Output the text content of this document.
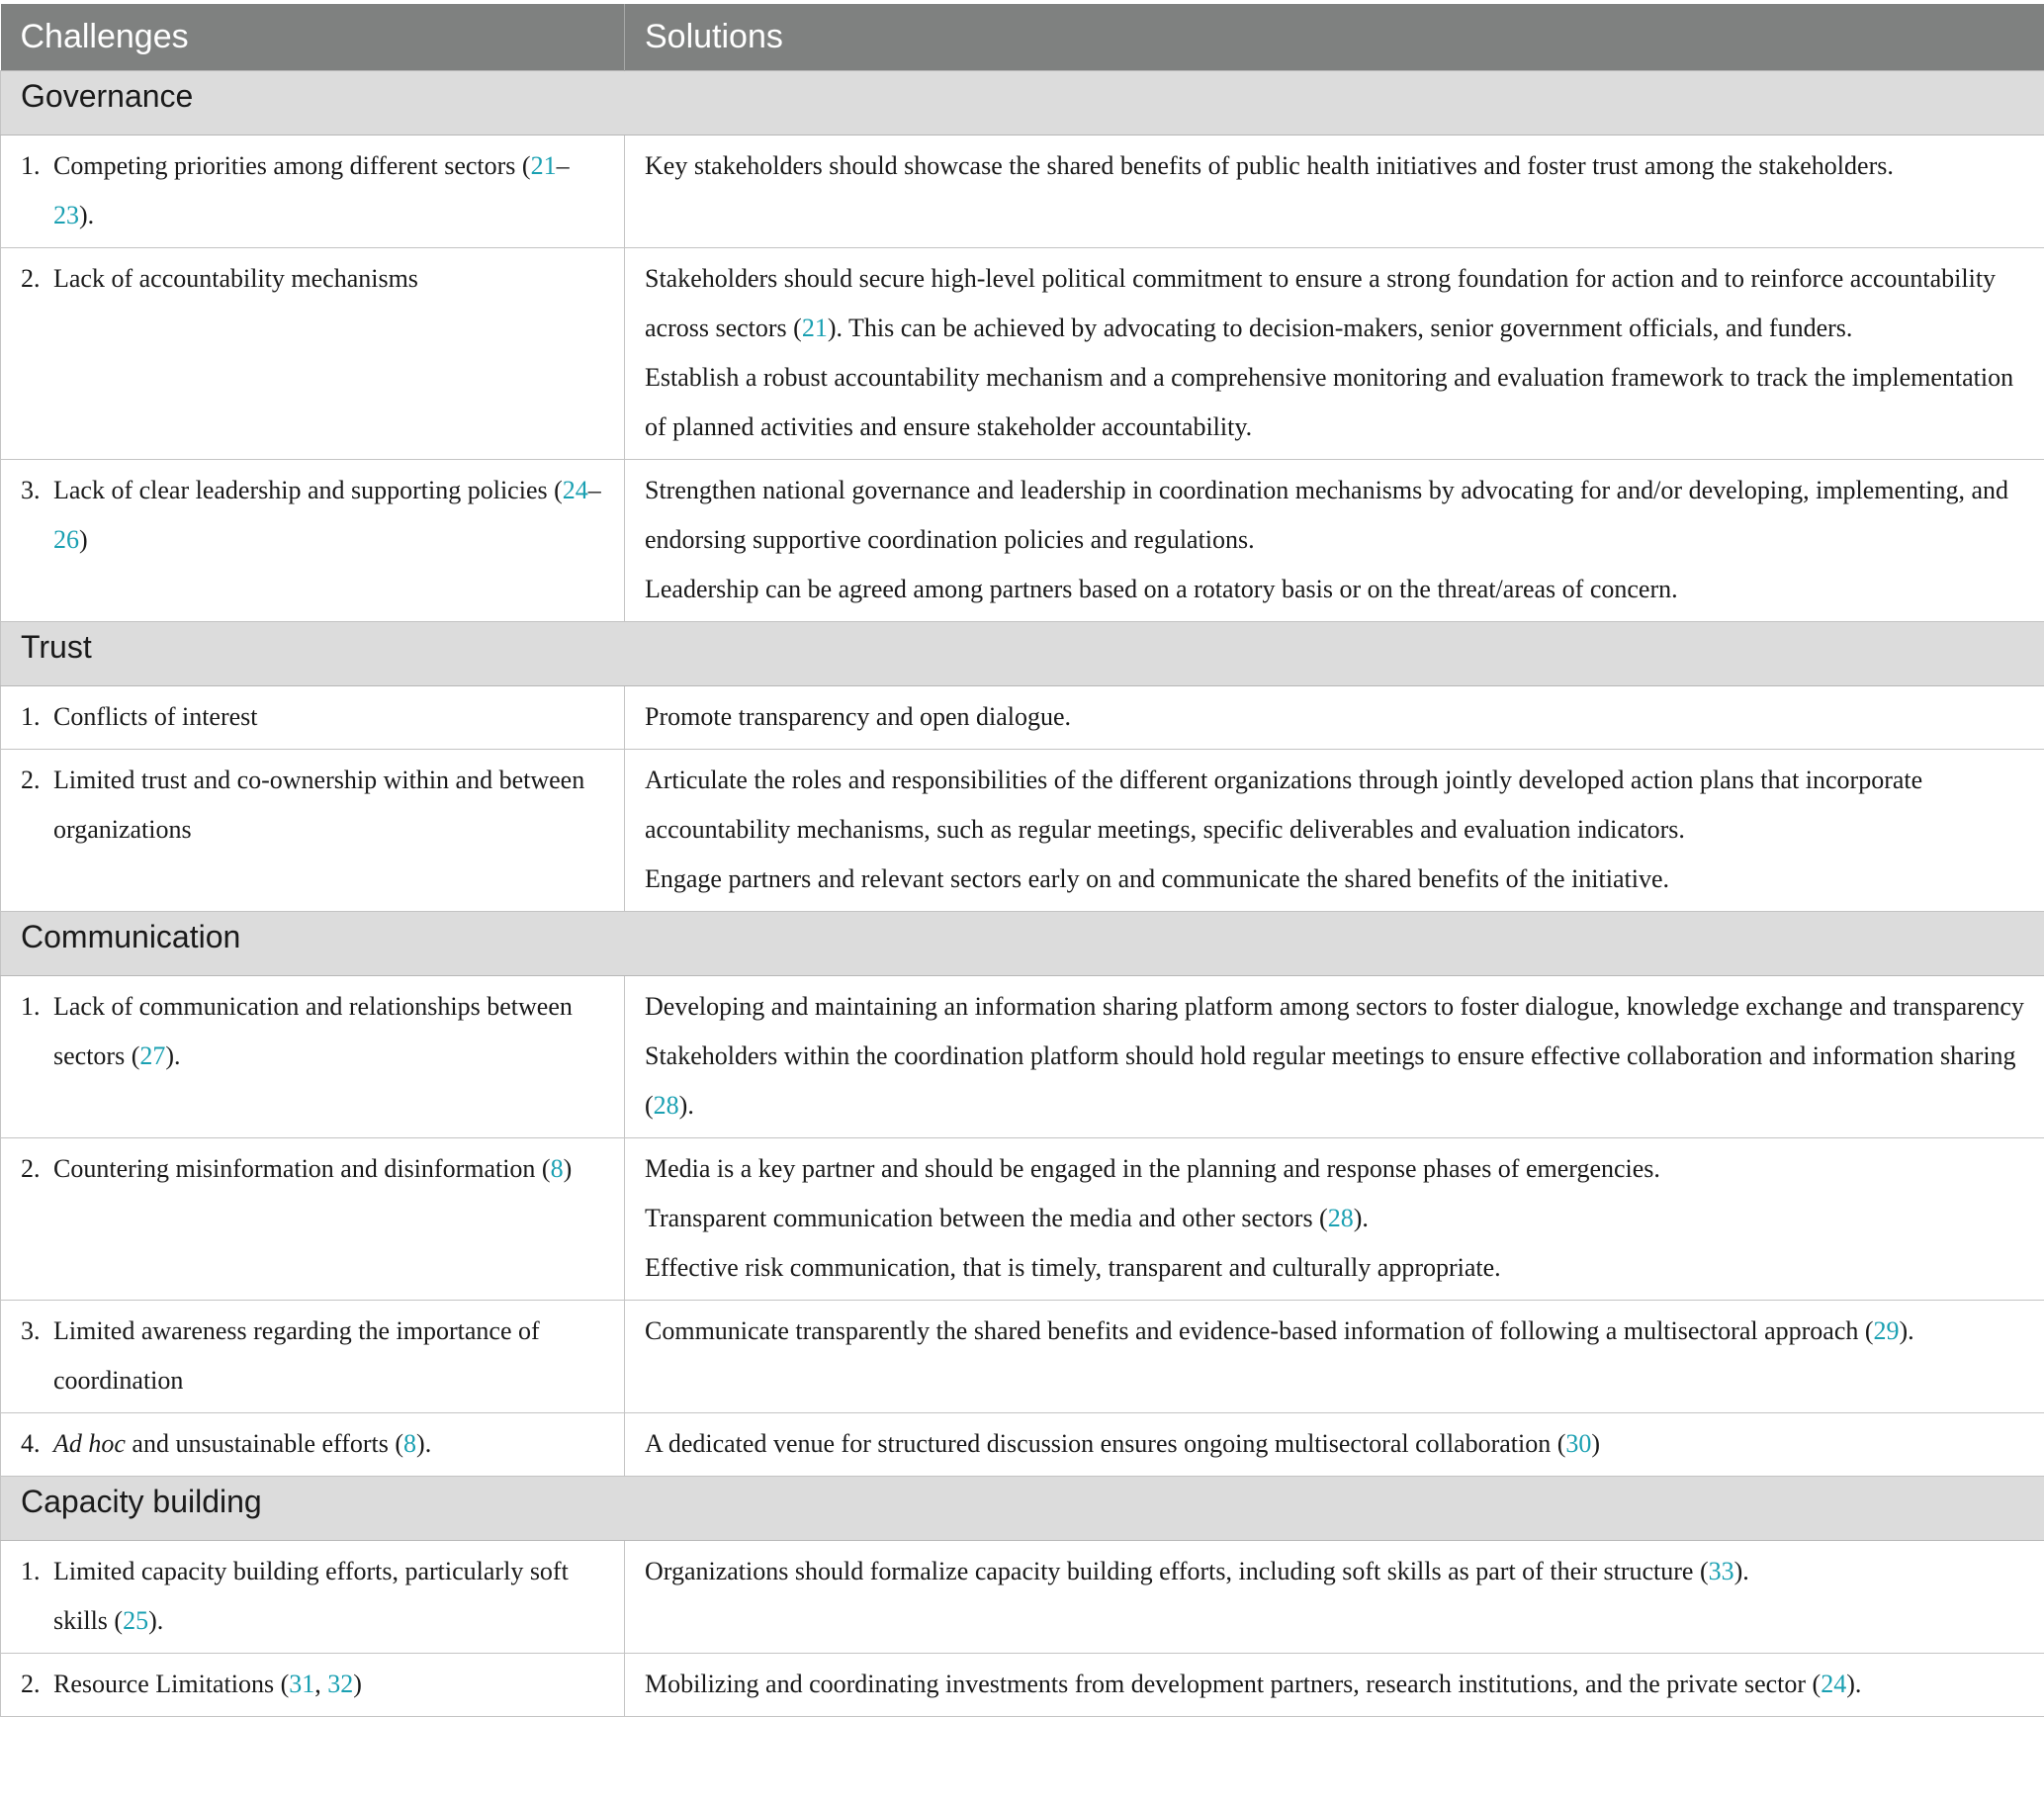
Challenges	Solutions
Governance	

1. Competing priorities among different sectors (21–23).	Key stakeholders should showcase the shared benefits of public health initiatives and foster trust among the stakeholders.

2. Lack of accountability mechanisms	Stakeholders should secure high-level political commitment to ensure a strong foundation for action and to reinforce accountability across sectors (21). This can be achieved by advocating to decision-makers, senior government officials, and funders.
Establish a robust accountability mechanism and a comprehensive monitoring and evaluation framework to track the implementation of planned activities and ensure stakeholder accountability.

3. Lack of clear leadership and supporting policies (24–26)	Strengthen national governance and leadership in coordination mechanisms by advocating for and/or developing, implementing, and endorsing supportive coordination policies and regulations.
Leadership can be agreed among partners based on a rotatory basis or on the threat/areas of concern.

Trust	

1. Conflicts of interest	Promote transparency and open dialogue.

2. Limited trust and co-ownership within and between organizations	Articulate the roles and responsibilities of the different organizations through jointly developed action plans that incorporate accountability mechanisms, such as regular meetings, specific deliverables and evaluation indicators.
Engage partners and relevant sectors early on and communicate the shared benefits of the initiative.

Communication	

1. Lack of communication and relationships between sectors (27).	Developing and maintaining an information sharing platform among sectors to foster dialogue, knowledge exchange and transparency
Stakeholders within the coordination platform should hold regular meetings to ensure effective collaboration and information sharing (28).

2. Countering misinformation and disinformation (8)	Media is a key partner and should be engaged in the planning and response phases of emergencies.
Transparent communication between the media and other sectors (28).
Effective risk communication, that is timely, transparent and culturally appropriate.

3. Limited awareness regarding the importance of coordination	Communicate transparently the shared benefits and evidence-based information of following a multisectoral approach (29).

4. Ad hoc and unsustainable efforts (8).	A dedicated venue for structured discussion ensures ongoing multisectoral collaboration (30)

Capacity building	

1. Limited capacity building efforts, particularly soft skills (25).	Organizations should formalize capacity building efforts, including soft skills as part of their structure (33).

2. Resource Limitations (31, 32)	Mobilizing and coordinating investments from development partners, research institutions, and the private sector (24).
